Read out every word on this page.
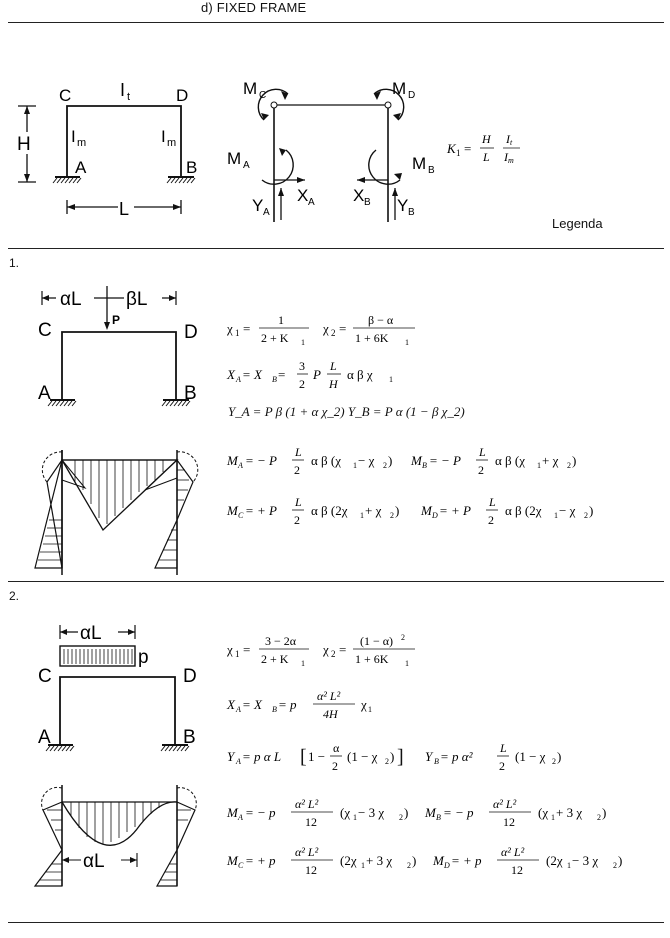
d) FIXED FRAME
H
C	D
A	B
I t
I m	I m
L
M C	M D
M A	M B
X A X B
Y A	Y B
K 1 =
H
L
I t
I m
Legenda
1.
αL βL
P
C	D
A	B
χ 1 =
1
2 + K 1
χ 2 =
β − α
1 + 6K 1
X A = X B =
3
2
P
L
H
α β χ 1
Y_A = P β (1 + α χ_2) Y_B = P α (1 − β χ_2)
M A = − P
L
2
α β (χ 1 − χ 2 ) M B = − P
L
2
α β (χ 1 + χ 2 )
M C = + P
L
2
α β (2χ 1 + χ 2 ) M D = + P
L
2
α β (2χ 1 − χ 2 )
2.
αL
p
C	D
A	B
αL
χ 1 =
3 − 2α
2 + K 1
χ 2 =
(1 − α) 2
1 + 6K 1
X A = X B = p
α² L²
4H
χ 1
Y A = p α L [ 1 −
α
2
(1 − χ 2 ) ] Y B = p α²
L
2
(1 − χ 2 )
M A = − p
α² L²
12
(χ 1 − 3 χ 2 ) M B = − p
α² L²
12
(χ 1 + 3 χ 2 )
M C = + p
α² L²
12
(2χ 1 + 3 χ 2 ) M D = + p
α² L²
12
(2χ 1 − 3 χ 2 )
